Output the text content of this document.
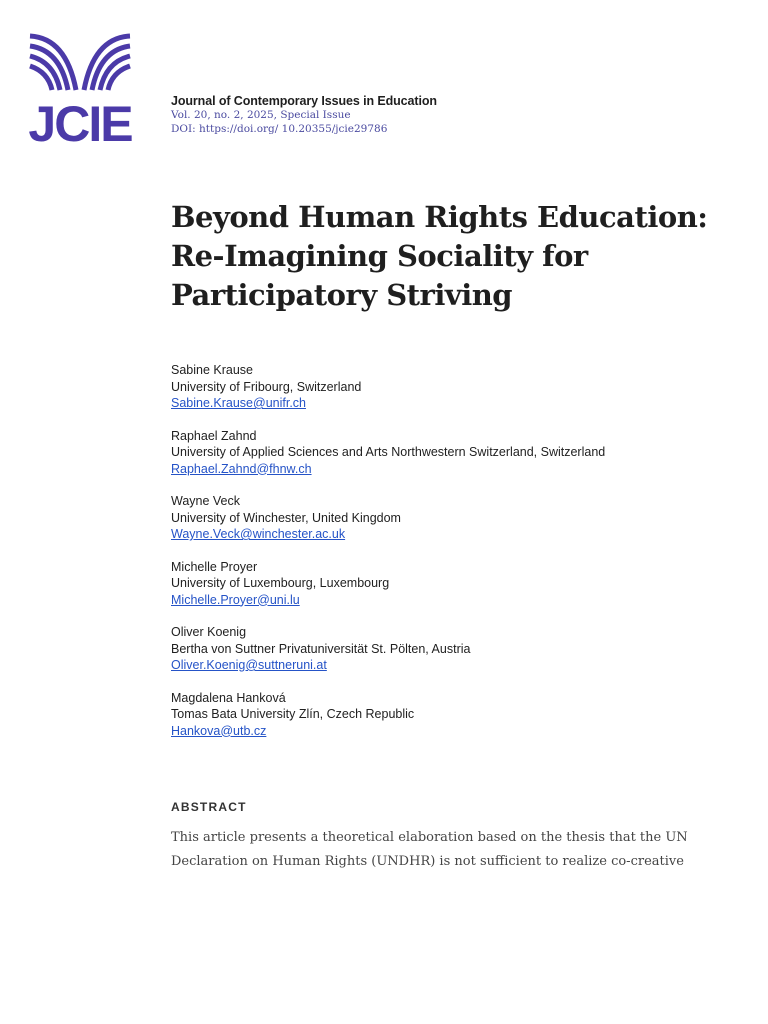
JCIE	Journal of Contemporary Issues in Education
Vol. 20, no. 2, 2025, Special Issue
DOI: https://doi.org/ 10.20355/jcie29786
Beyond Human Rights Education:
Re-Imagining Sociality for
Participatory Striving
Sabine Krause
University of Fribourg, Switzerland
Sabine.Krause@unifr.ch
Raphael Zahnd
University of Applied Sciences and Arts Northwestern Switzerland, Switzerland
Raphael.Zahnd@fhnw.ch
Wayne Veck
University of Winchester, United Kingdom
Wayne.Veck@winchester.ac.uk
Michelle Proyer
University of Luxembourg, Luxembourg
Michelle.Proyer@uni.lu
Oliver Koenig
Bertha von Suttner Privatuniversität St. Pölten, Austria
Oliver.Koenig@suttneruni.at
Magdalena Hanková
Tomas Bata University Zlín, Czech Republic
Hankova@utb.cz
ABSTRACT
This article presents a theoretical elaboration based on the thesis that the UN
Declaration on Human Rights (UNDHR) is not sufficient to realize co-creative
